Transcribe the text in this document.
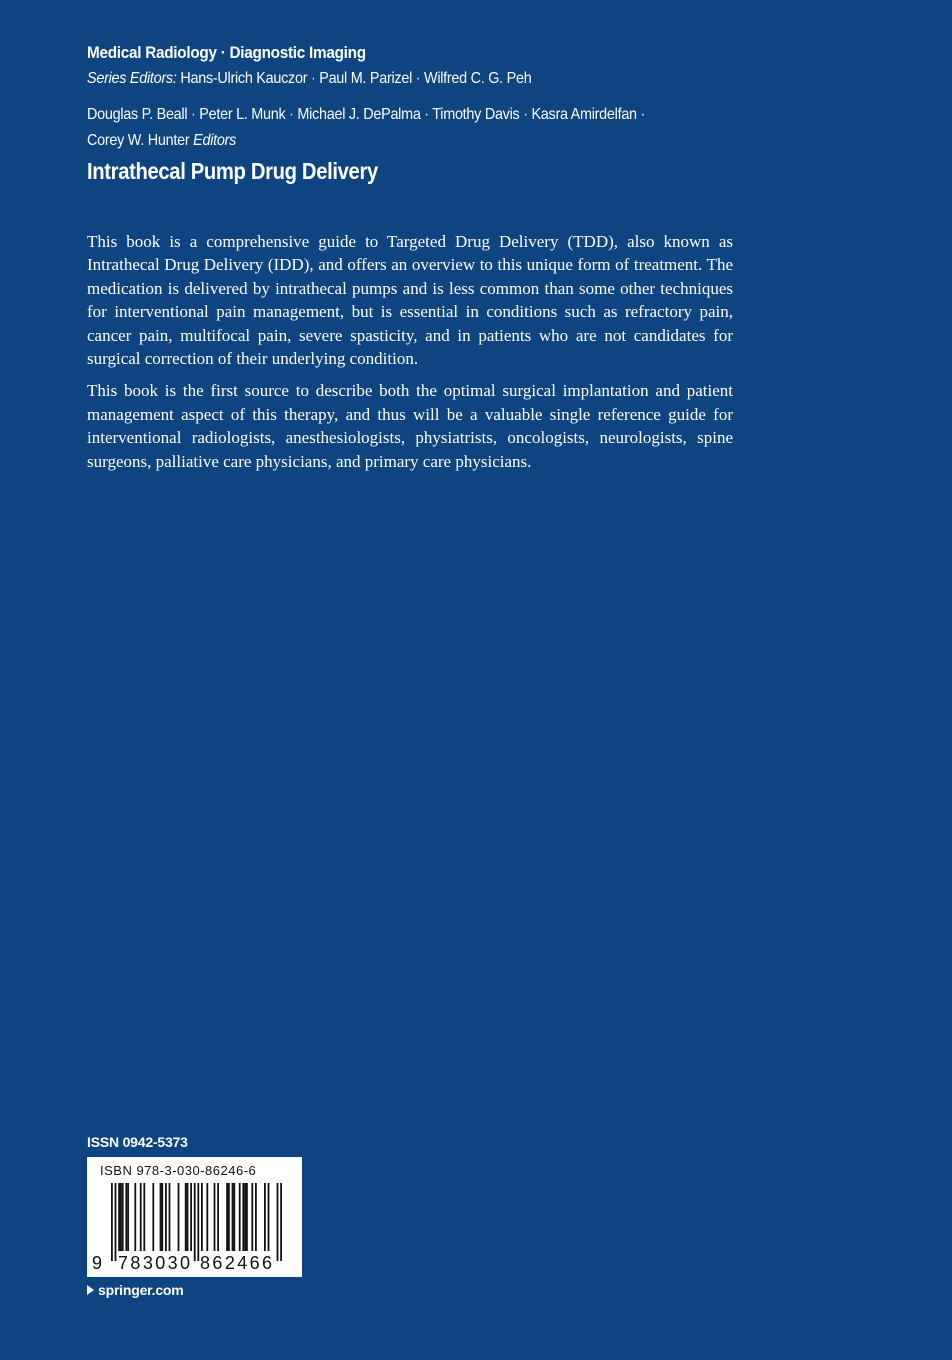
Medical Radiology · Diagnostic Imaging
Series Editors: Hans-Ulrich Kauczor · Paul M. Parizel · Wilfred C. G. Peh
Douglas P. Beall · Peter L. Munk · Michael J. DePalma · Timothy Davis · Kasra Amirdelfan ·
Corey W. Hunter Editors
Intrathecal Pump Drug Delivery

This book is a comprehensive guide to Targeted Drug Delivery (TDD), also known as Intrathecal Drug Delivery (IDD), and offers an overview to this unique form of treatment. The medication is delivered by intrathecal pumps and is less common than some other techniques for interventional pain management, but is essential in conditions such as refractory pain, cancer pain, multifocal pain, severe spasticity, and in patients who are not candidates for surgical correction of their underlying condition.

This book is the first source to describe both the optimal surgical implantation and patient management aspect of this therapy, and thus will be a valuable single reference guide for interventional radiologists, anesthesiologists, physiatrists, oncologists, neurologists, spine surgeons, palliative care physicians, and primary care physicians.

ISSN 0942-5373
ISBN 978-3-030-86246-6
9 783030 862466
springer.com
